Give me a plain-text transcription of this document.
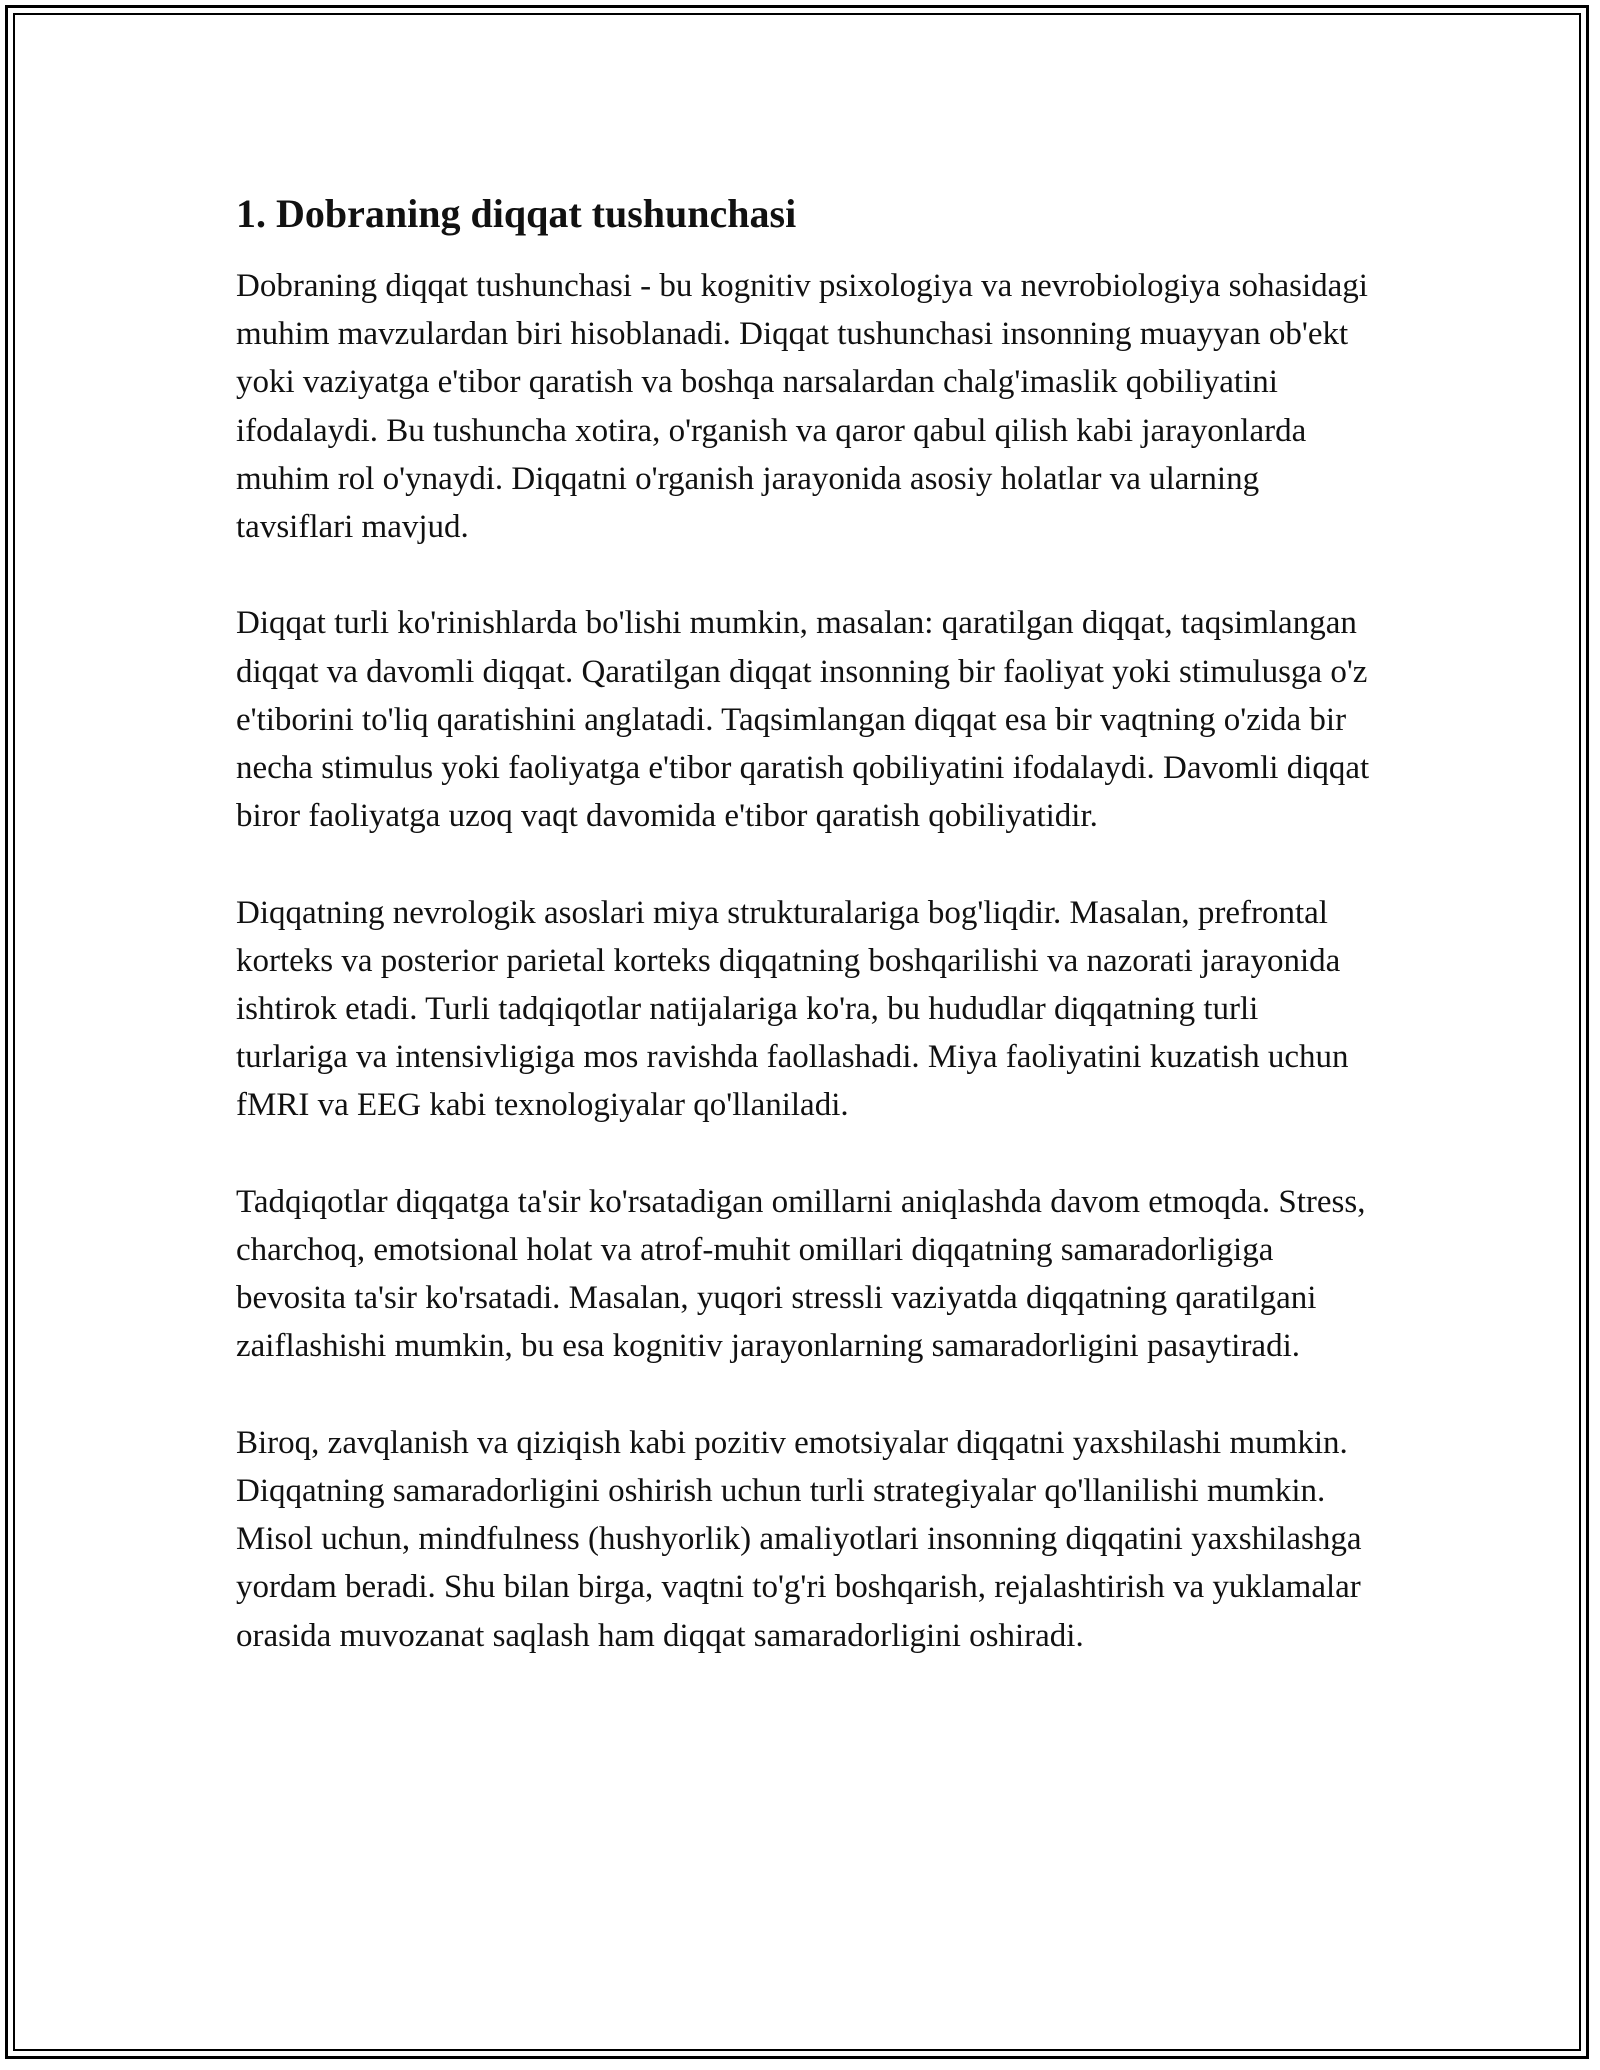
1. Dobraning diqqat tushunchasi

Dobraning diqqat tushunchasi - bu kognitiv psixologiya va nevrobiologiya sohasidagi muhim mavzulardan biri hisoblanadi. Diqqat tushunchasi insonning muayyan ob'ekt yoki vaziyatga e'tibor qaratish va boshqa narsalardan chalg'imaslik qobiliyatini ifodalaydi. Bu tushuncha xotira, o'rganish va qaror qabul qilish kabi jarayonlarda muhim rol o'ynaydi. Diqqatni o'rganish jarayonida asosiy holatlar va ularning tavsiflari mavjud.

Diqqat turli ko'rinishlarda bo'lishi mumkin, masalan: qaratilgan diqqat, taqsimlangan diqqat va davomli diqqat. Qaratilgan diqqat insonning bir faoliyat yoki stimulusga o'z e'tiborini to'liq qaratishini anglatadi. Taqsimlangan diqqat esa bir vaqtning o'zida bir necha stimulus yoki faoliyatga e'tibor qaratish qobiliyatini ifodalaydi. Davomli diqqat biror faoliyatga uzoq vaqt davomida e'tibor qaratish qobiliyatidir.

Diqqatning nevrologik asoslari miya strukturalariga bog'liqdir. Masalan, prefrontal korteks va posterior parietal korteks diqqatning boshqarilishi va nazorati jarayonida ishtirok etadi. Turli tadqiqotlar natijalariga ko'ra, bu hududlar diqqatning turli turlariga va intensivligiga mos ravishda faollashadi. Miya faoliyatini kuzatish uchun fMRI va EEG kabi texnologiyalar qo'llaniladi.

Tadqiqotlar diqqatga ta'sir ko'rsatadigan omillarni aniqlashda davom etmoqda. Stress, charchoq, emotsional holat va atrof-muhit omillari diqqatning samaradorligiga bevosita ta'sir ko'rsatadi. Masalan, yuqori stressli vaziyatda diqqatning qaratilgani zaiflashishi mumkin, bu esa kognitiv jarayonlarning samaradorligini pasaytiradi.

Biroq, zavqlanish va qiziqish kabi pozitiv emotsiyalar diqqatni yaxshilashi mumkin. Diqqatning samaradorligini oshirish uchun turli strategiyalar qo'llanilishi mumkin. Misol uchun, mindfulness (hushyorlik) amaliyotlari insonning diqqatini yaxshilashga yordam beradi. Shu bilan birga, vaqtni to'g'ri boshqarish, rejalashtirish va yuklamalar orasida muvozanat saqlash ham diqqat samaradorligini oshiradi.
